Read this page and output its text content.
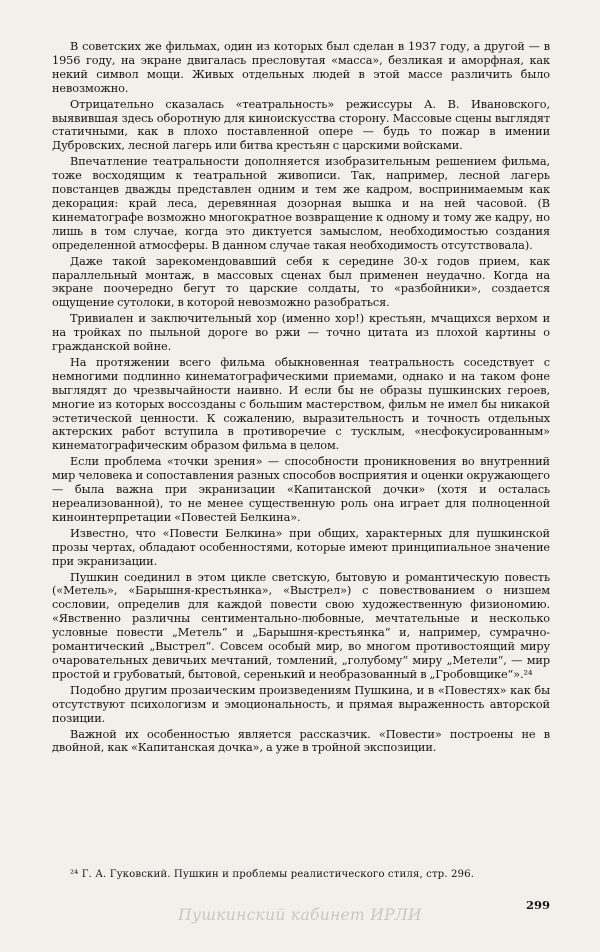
В советских же фильмах, один из которых был сделан в 1937 году, а другой — в 1956 году, на экране двигалась пресловутая «масса», безликая и аморфная, как некий символ мощи. Живых отдельных людей в этой массе различить было невозможно.

Отрицательно сказалась «театральность» режиссуры А. В. Ивановского, выявившая здесь оборотную для киноискусства сторону. Массовые сцены выглядят статичными, как в плохо поставленной опере — будь то пожар в имении Дубровских, лесной лагерь или битва крестьян с царскими войсками.

Впечатление театральности дополняется изобразительным решением фильма, тоже восходящим к театральной живописи. Так, например, лесной лагерь повстанцев дважды представлен одним и тем же кадром, воспринимаемым как декорация: край леса, деревянная дозорная вышка и на ней часовой. (В кинематографе возможно многократное возвращение к одному и тому же кадру, но лишь в том случае, когда это диктуется замыслом, необходимостью создания определенной атмосферы. В данном случае такая необходимость отсутствовала).

Даже такой зарекомендовавший себя к середине 30-х годов прием, как параллельный монтаж, в массовых сценах был применен неудачно. Когда на экране поочередно бегут то царские солдаты, то «разбойники», создается ощущение сутолоки, в которой невозможно разобраться.

Тривиален и заключительный хор (именно хор!) крестьян, мчащихся верхом и на тройках по пыльной дороге во ржи — точно цитата из плохой картины о гражданской войне.

На протяжении всего фильма обыкновенная театральность соседствует с немногими подлинно кинематографическими приемами, однако и на таком фоне выглядят до чрезвычайности наивно. И если бы не образы пушкинских героев, многие из которых воссозданы с большим мастерством, фильм не имел бы никакой эстетической ценности. К сожалению, выразительность и точность отдельных актерских работ вступила в противоречие с тусклым, «несфокусированным» кинематографическим образом фильма в целом.

Если проблема «точки зрения» — способности проникновения во внутренний мир человека и сопоставления разных способов восприятия и оценки окружающего — была важна при экранизации «Капитанской дочки» (хотя и осталась нереализованной), то не менее существенную роль она играет для полноценной киноинтерпретации «Повестей Белкина».

Известно, что «Повести Белкина» при общих, характерных для пушкинской прозы чертах, обладают особенностями, которые имеют принципиальное значение при экранизации.

Пушкин соединил в этом цикле светскую, бытовую и романтическую повесть («Метель», «Барышня-крестьянка», «Выстрел») с повествованием о низшем сословии, определив для каждой повести свою художественную физиономию. «Явственно различны сентиментально-любовные, мечтательные и несколько условные повести „Метель“ и „Барышня-крестьянка“ и, например, сумрачно-романтический „Выстрел“. Совсем особый мир, во многом противостоящий миру очаровательных девичьих мечтаний, томлений, „голубому“ миру „Метели“, — мир простой и грубоватый, бытовой, серенький и необразованный в „Гробовщике“».²⁴

Подобно другим прозаическим произведениям Пушкина, и в «Повестях» как бы отсутствуют психологизм и эмоциональность, и прямая выраженность авторской позиции.

Важной их особенностью является рассказчик. «Повести» построены не в двойной, как «Капитанская дочка», а уже в тройной экспозиции.

²⁴ Г. А. Гуковский. Пушкин и проблемы реалистического стиля, стр. 296.
299
Пушкинский кабинет ИРЛИ
